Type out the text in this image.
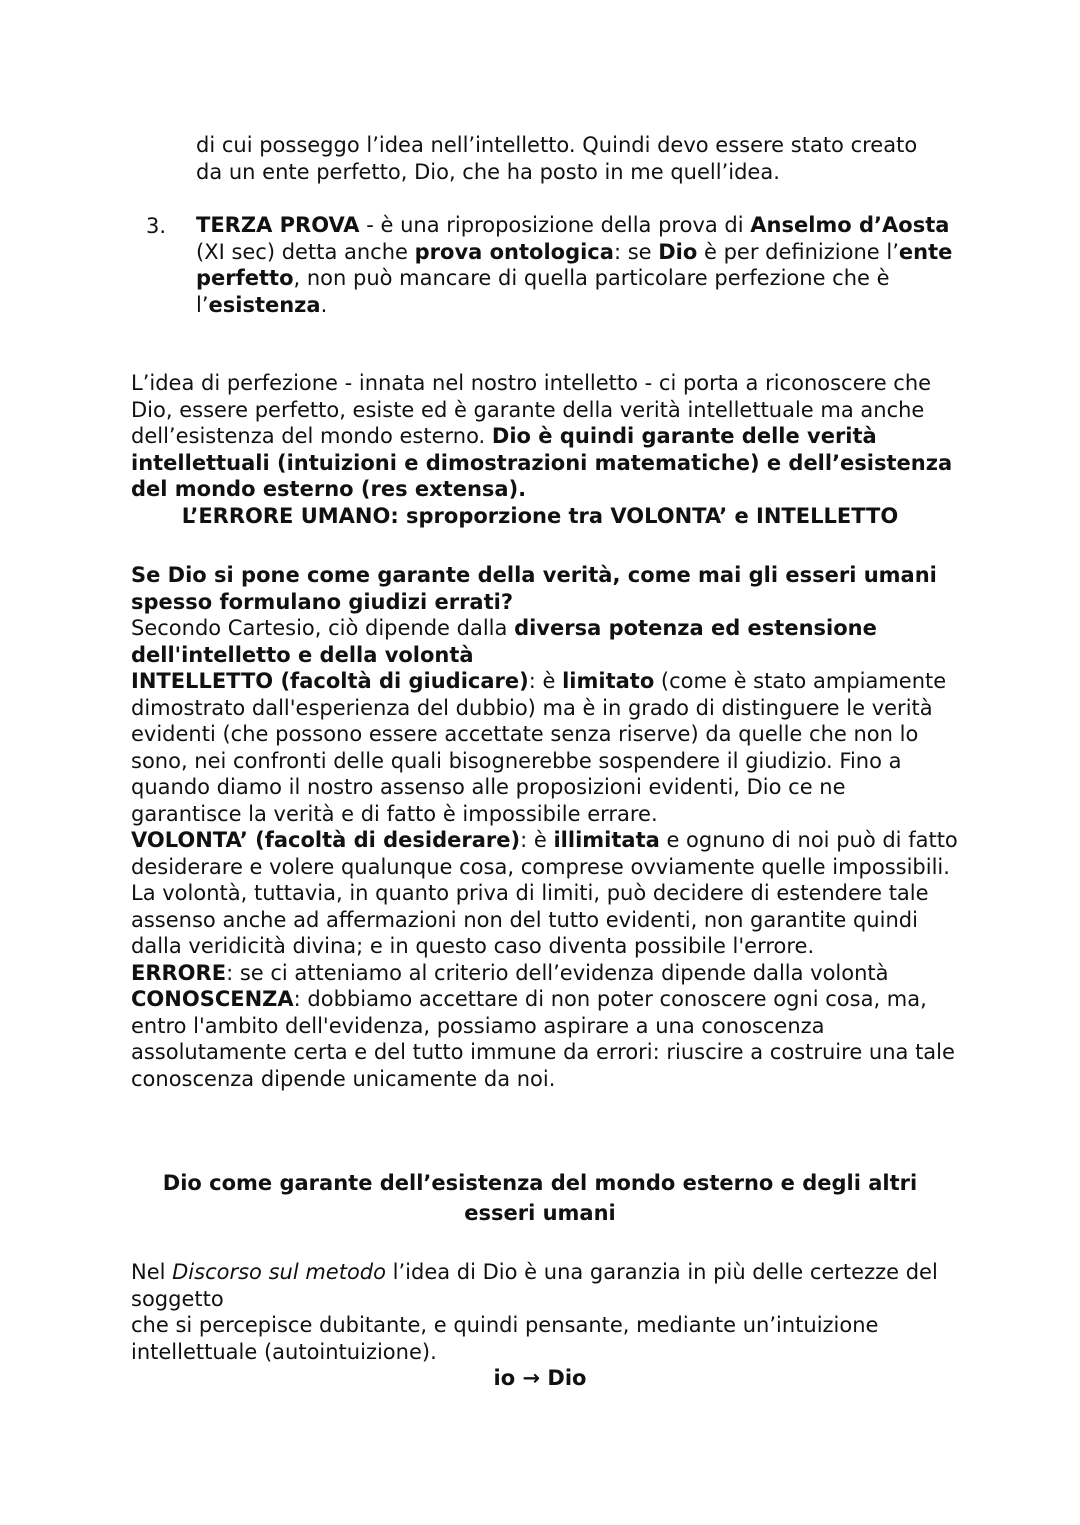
di cui posseggo l’idea nell’intelletto. Quindi devo essere stato creato

da un ente perfetto, Dio, che ha posto in me quell’idea.

3. TERZA PROVA - è una riproposizione della prova di Anselmo d’Aosta (XI sec) detta anche prova ontologica: se Dio è per definizione l’ente perfetto, non può mancare di quella particolare perfezione che è l’esistenza.
L’idea di perfezione - innata nel nostro intelletto - ci porta a riconoscere che Dio, essere perfetto, esiste ed è garante della verità intellettuale ma anche dell’esistenza del mondo esterno. Dio è quindi garante delle verità intellettuali (intuizioni e dimostrazioni matematiche) e dell’esistenza del mondo esterno (res extensa).
L’ERRORE UMANO: sproporzione tra VOLONTA’ e INTELLETTO

Se Dio si pone come garante della verità, come mai gli esseri umani spesso formulano giudizi errati?

Secondo Cartesio, ciò dipende dalla diversa potenza ed estensione dell'intelletto e della volontà

INTELLETTO (facoltà di giudicare): è limitato (come è stato ampiamente dimostrato dall'esperienza del dubbio) ma è in grado di distinguere le verità evidenti (che possono essere accettate senza riserve) da quelle che non lo sono, nei confronti delle quali bisognerebbe sospendere il giudizio. Fino a quando diamo il nostro assenso alle proposizioni evidenti, Dio ce ne garantisce la verità e di fatto è impossibile errare.

VOLONTA’ (facoltà di desiderare): è illimitata e ognuno di noi può di fatto desiderare e volere qualunque cosa, comprese ovviamente quelle impossibili. La volontà, tuttavia, in quanto priva di limiti, può decidere di estendere tale assenso anche ad affermazioni non del tutto evidenti, non garantite quindi dalla veridicità divina; e in questo caso diventa possibile l'errore.

ERRORE: se ci atteniamo al criterio dell’evidenza dipende dalla volontà

CONOSCENZA: dobbiamo accettare di non poter conoscere ogni cosa, ma, entro l'ambito dell'evidenza, possiamo aspirare a una conoscenza assolutamente certa e del tutto immune da errori: riuscire a costruire una tale conoscenza dipende unicamente da noi.

Dio come garante dell’esistenza del mondo esterno e degli altri esseri umani

Nel Discorso sul metodo l’idea di Dio è una garanzia in più delle certezze del soggetto

che si percepisce dubitante, e quindi pensante, mediante un’intuizione intellettuale (autointuizione).

io → Dio
